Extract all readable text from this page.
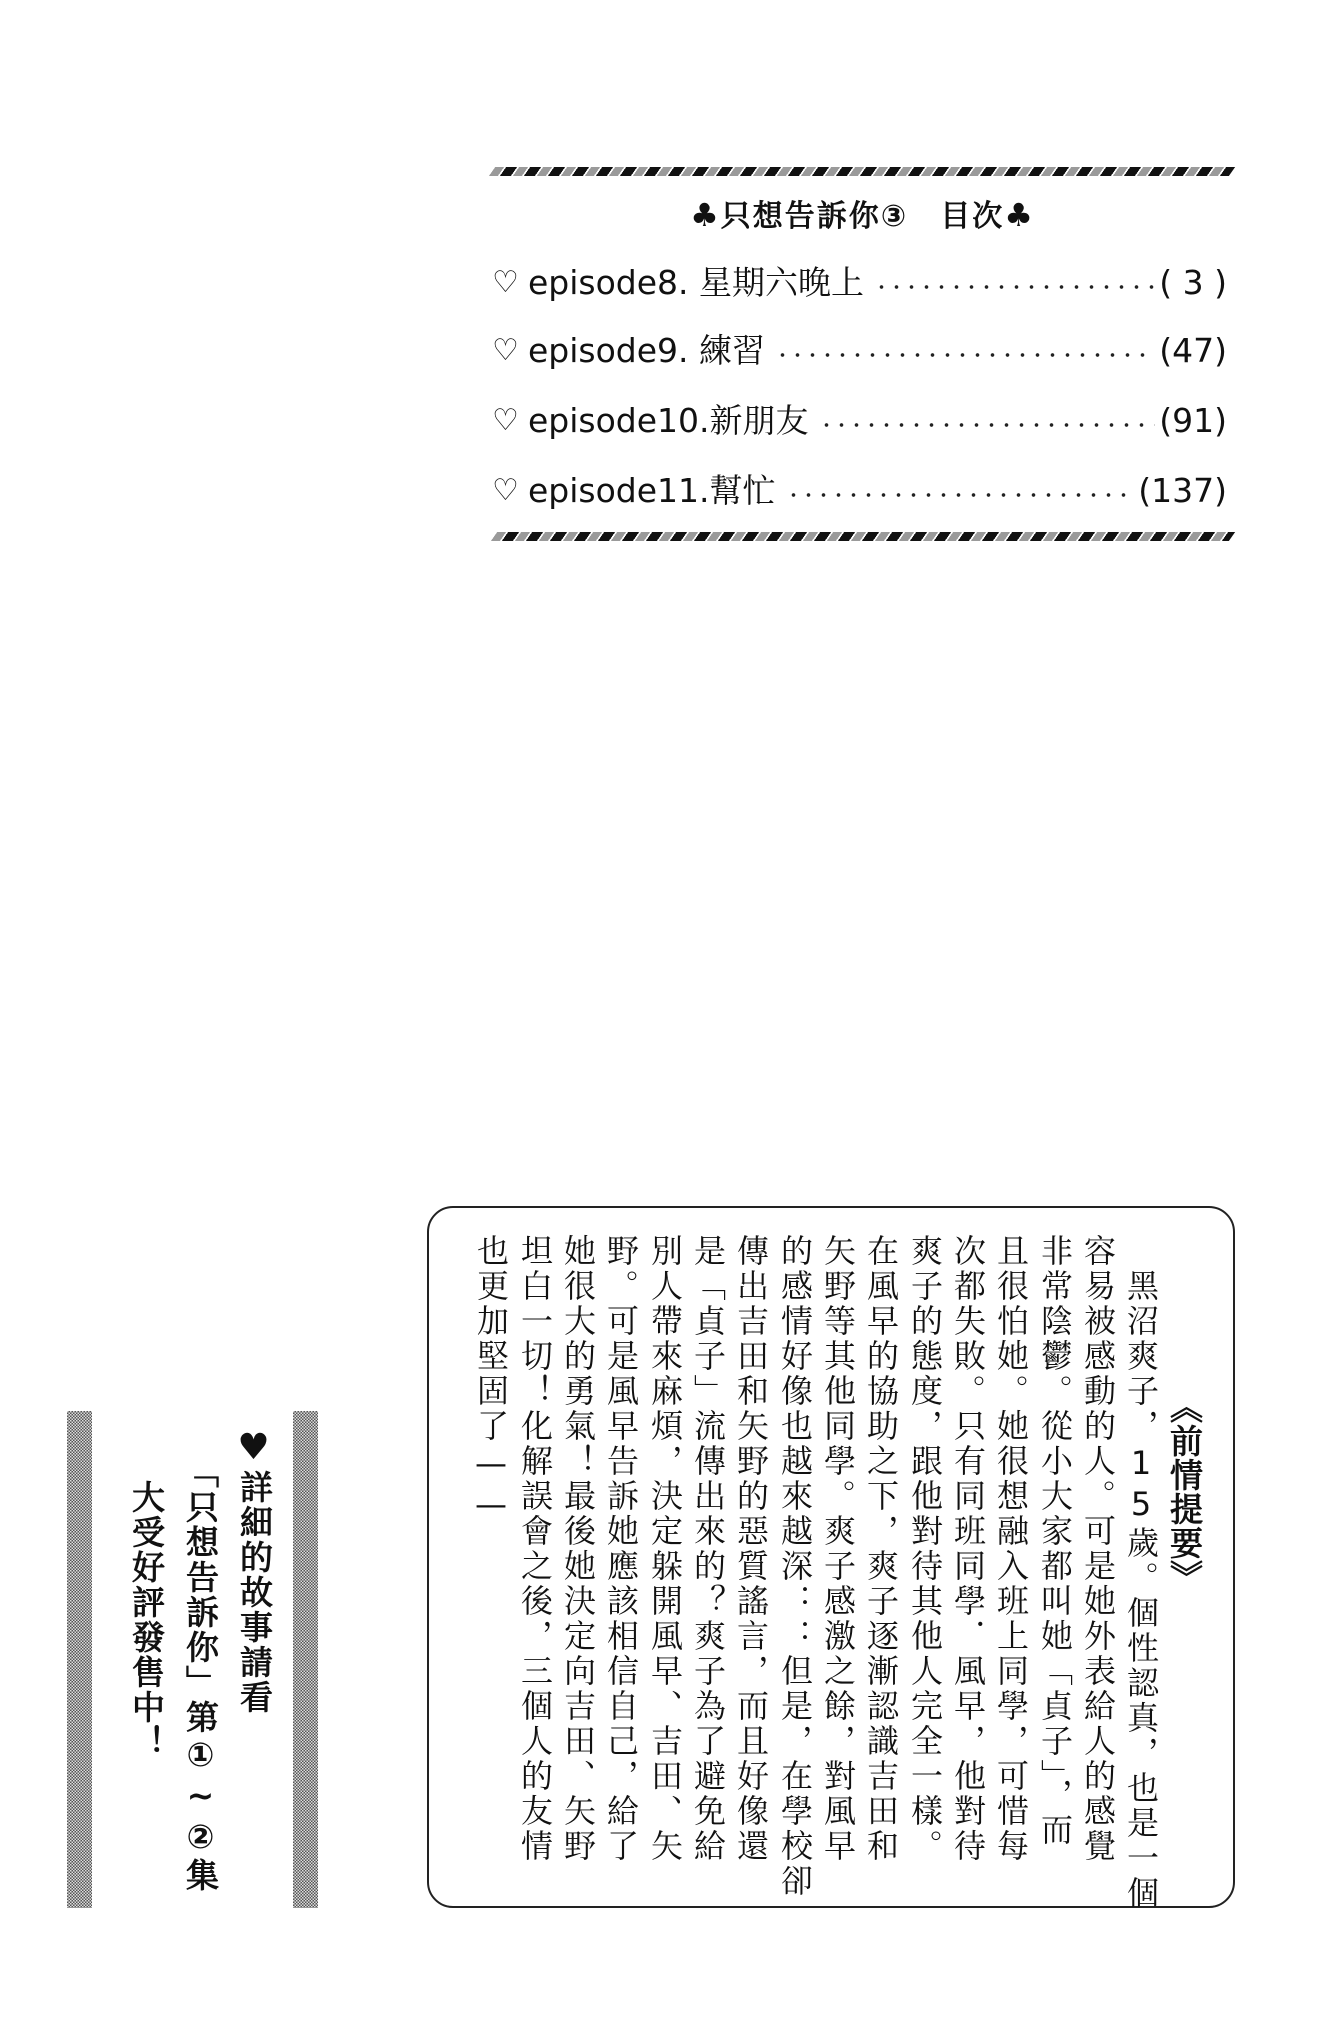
♣只想告訴你③　目次♣
♡ episode8. 星期六晚上	( 3 )
♡ episode9. 練習	(47)
♡ episode10.新朋友	(91)
♡ episode11.幫忙	(137)
《前情提要》
　黑沼爽子，15歲。個性認真，也是一個
容易被感動的人。可是她外表給人的感覺
非常陰鬱。從小大家都叫她「貞子」，而
且很怕她。她很想融入班上同學，可惜每
次都失敗。只有同班同學．風早，他對待
爽子的態度，跟他對待其他人完全一樣。
在風早的協助之下，爽子逐漸認識吉田和
矢野等其他同學。爽子感激之餘，對風早
的感情好像也越來越深：：但是，在學校卻
傳出吉田和矢野的惡質謠言，而且好像還
是「貞子」流傳出來的？爽子為了避免給
別人帶來麻煩，決定躲開風早、吉田、矢
野。可是風早告訴她應該相信自己，給了
她很大的勇氣！最後她決定向吉田、矢野
坦白一切！化解誤會之後，三個人的友情
也更加堅固了——
♥
詳細的故事請看
「只想告訴你」第①~②集
大受好評發售中！
